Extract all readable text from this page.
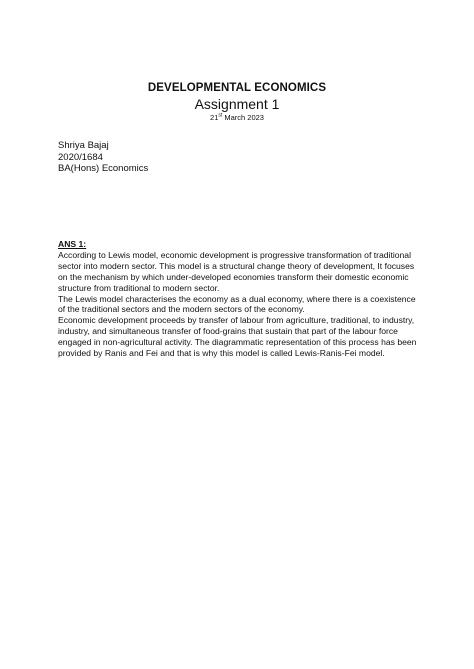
DEVELOPMENTAL ECONOMICS
Assignment 1
21st March 2023
Shriya Bajaj
2020/1684
BA(Hons) Economics

ANS 1:

According to Lewis model, economic development is progressive transformation of traditional sector into modern sector. This model is a structural change theory of development, It focuses on the mechanism by which under-developed economies transform their domestic economic structure from traditional to modern sector.

The Lewis model characterises the economy as a dual economy, where there is a coexistence of the traditional sectors and the modern sectors of the economy.

Economic development proceeds by transfer of labour from agriculture, traditional, to industry, industry, and simultaneous transfer of food-grains that sustain that part of the labour force engaged in non-agricultural activity. The diagrammatic representation of this process has been provided by Ranis and Fei and that is why this model is called Lewis-Ranis-Fei model.
